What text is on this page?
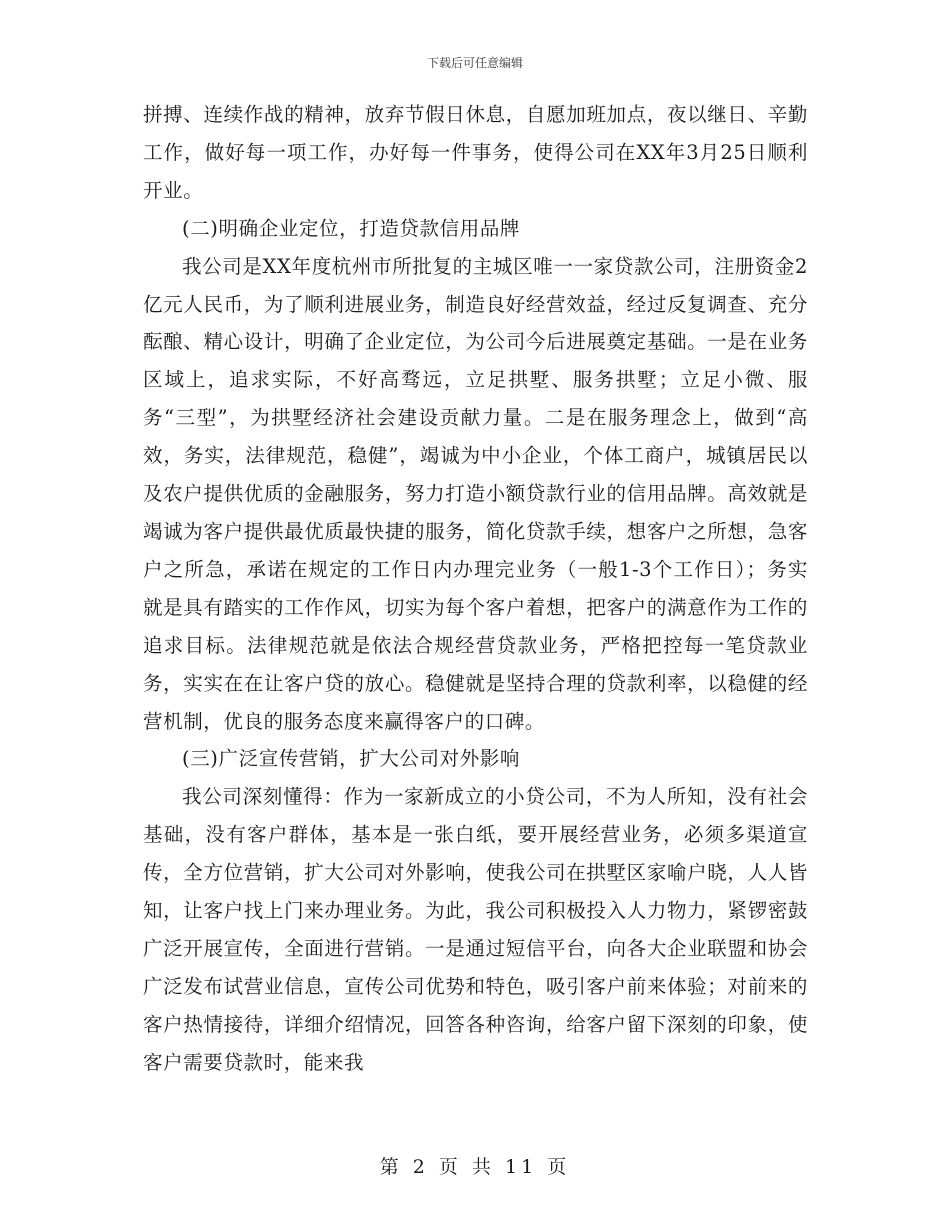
下载后可任意编辑

拼搏、连续作战的精神，放弃节假日休息，自愿加班加点，夜以继日、辛勤工作，做好每一项工作，办好每一件事务，使得公司在XX年3月25日顺利开业。

(二)明确企业定位，打造贷款信用品牌

我公司是XX年度杭州市所批复的主城区唯一一家贷款公司，注册资金2亿元人民币，为了顺利进展业务，制造良好经营效益，经过反复调查、充分酝酿、精心设计，明确了企业定位，为公司今后进展奠定基础。一是在业务区域上，追求实际，不好高骛远，立足拱墅、服务拱墅；立足小微、服务“三型”，为拱墅经济社会建设贡献力量。二是在服务理念上，做到“高效，务实，法律规范，稳健”，竭诚为中小企业，个体工商户，城镇居民以及农户提供优质的金融服务，努力打造小额贷款行业的信用品牌。高效就是竭诚为客户提供最优质最快捷的服务，简化贷款手续，想客户之所想，急客户之所急，承诺在规定的工作日内办理完业务（一般1-3个工作日）；务实就是具有踏实的工作作风，切实为每个客户着想，把客户的满意作为工作的追求目标。法律规范就是依法合规经营贷款业务，严格把控每一笔贷款业务，实实在在让客户贷的放心。稳健就是坚持合理的贷款利率，以稳健的经营机制，优良的服务态度来赢得客户的口碑。

(三)广泛宣传营销，扩大公司对外影响

我公司深刻懂得：作为一家新成立的小贷公司，不为人所知，没有社会基础，没有客户群体，基本是一张白纸，要开展经营业务，必须多渠道宣传，全方位营销，扩大公司对外影响，使我公司在拱墅区家喻户晓，人人皆知，让客户找上门来办理业务。为此，我公司积极投入人力物力，紧锣密鼓广泛开展宣传，全面进行营销。一是通过短信平台，向各大企业联盟和协会广泛发布试营业信息，宣传公司优势和特色，吸引客户前来体验；对前来的客户热情接待，详细介绍情况，回答各种咨询，给客户留下深刻的印象，使客户需要贷款时，能来我

第 2 页 共 11 页
